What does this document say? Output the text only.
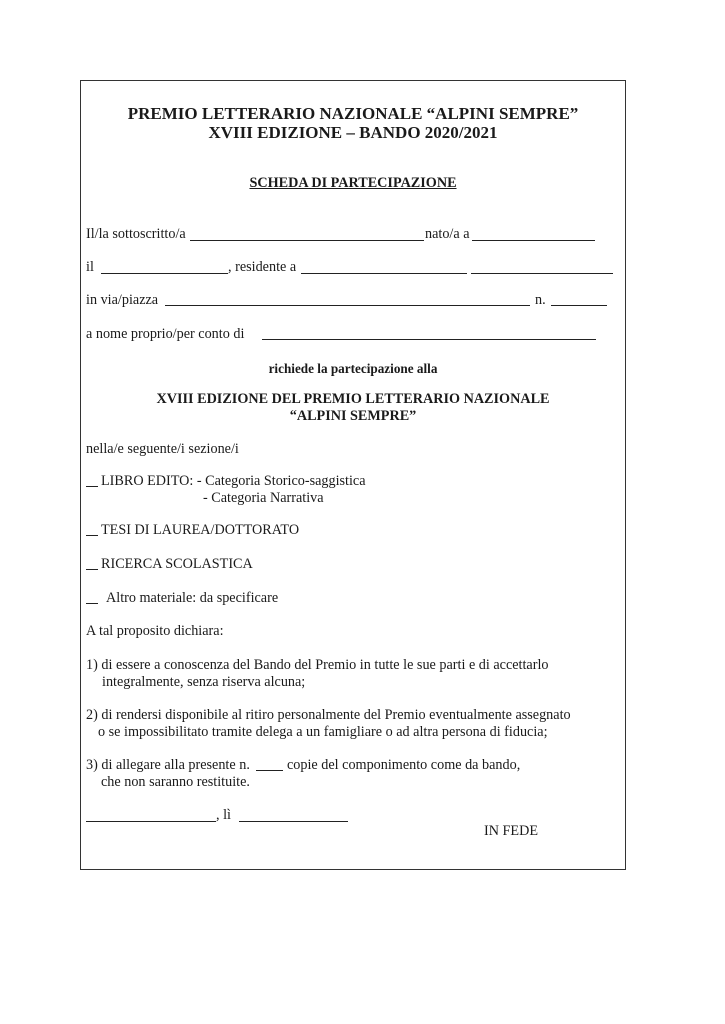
PREMIO LETTERARIO NAZIONALE “ALPINI SEMPRE”
XVIII EDIZIONE – BANDO 2020/2021
SCHEDA DI PARTECIPAZIONE
Il/la sottoscritto/a	nato/a a
il	, residente a
in via/piazza	n.
a nome proprio/per conto di
richiede la partecipazione alla
XVIII EDIZIONE DEL PREMIO LETTERARIO NAZIONALE
“ALPINI SEMPRE”
nella/e seguente/i sezione/i
LIBRO EDITO: - Categoria Storico-saggistica
- Categoria Narrativa
TESI DI LAUREA/DOTTORATO
RICERCA SCOLASTICA
Altro materiale: da specificare
A tal proposito dichiara:
1) di essere a conoscenza del Bando del Premio in tutte le sue parti e di accettarlo
integralmente, senza riserva alcuna;
2) di rendersi disponibile al ritiro personalmente del Premio eventualmente assegnato
o se impossibilitato tramite delega a un famigliare o ad altra persona di fiducia;
3) di allegare alla presente n.	copie del componimento come da bando,
che non saranno restituite.
, lì
IN FEDE
